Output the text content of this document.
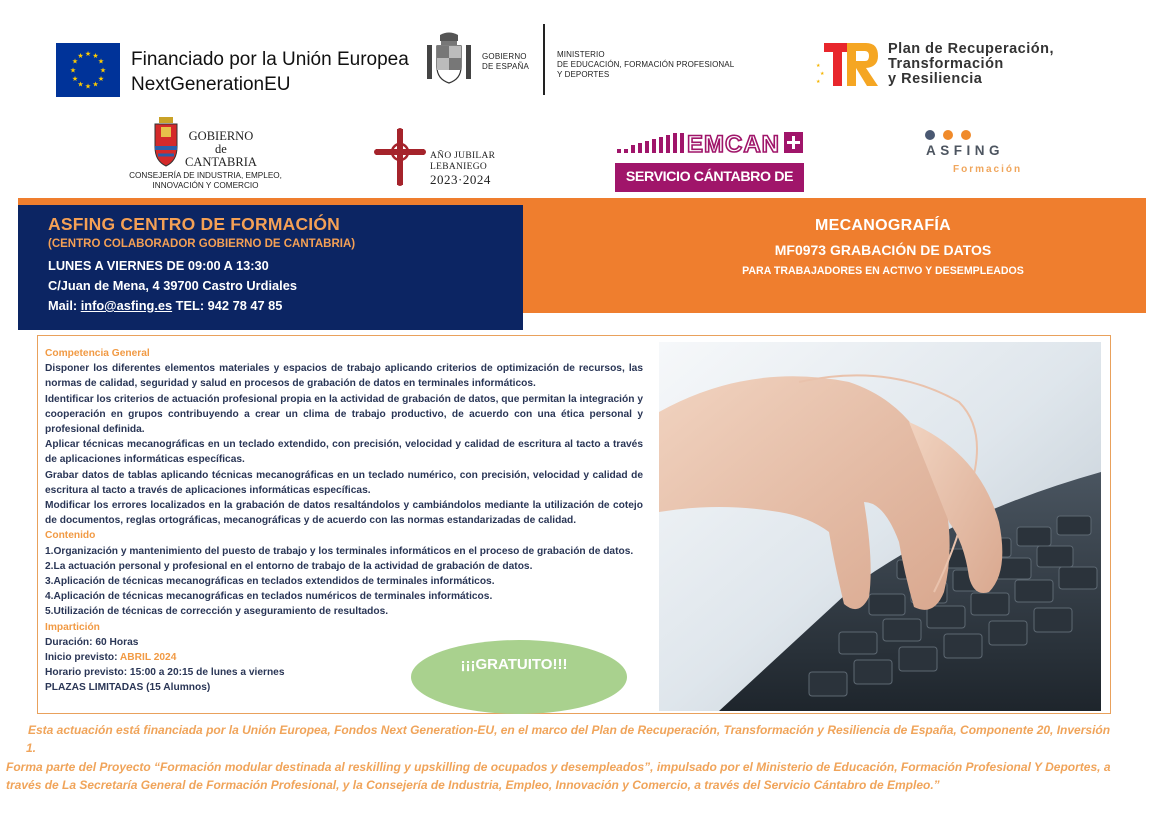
★ ★
★
★
★
★
★
★
★
★
★
★ Financiado por la Unión Europea
NextGenerationEU
GOBIERNO
DE ESPAÑA
MINISTERIO
DE EDUCACIÓN, FORMACIÓN PROFESIONAL
Y DEPORTES
★
★
★
Plan de Recuperación,
Transformación
y Resiliencia
GOBIERNO
de
CANTABRIA
CONSEJERÍA DE INDUSTRIA, EMPLEO,
INNOVACIÓN Y COMERCIO
AÑO JUBILAR
LEBANIEGO
2023·2024
EMCAN
SERVICIO CÁNTABRO DE
ASFING
Formación
ASFING CENTRO DE FORMACIÓN
(CENTRO COLABORADOR GOBIERNO DE CANTABRIA)
LUNES A VIERNES DE 09:00 A 13:30
C/Juan de Mena, 4 39700 Castro Urdiales
Mail: info@asfing.es TEL: 942 78 47 85
MECANOGRAFÍA
MF0973 GRABACIÓN DE DATOS
PARA TRABAJADORES EN ACTIVO Y DESEMPLEADOS
Competencia General
Disponer los diferentes elementos materiales y espacios de trabajo aplicando criterios de optimización de recursos, las normas de calidad, seguridad y salud en procesos de grabación de datos en terminales informáticos.
Identificar los criterios de actuación profesional propia en la actividad de grabación de datos, que permitan la integración y cooperación en grupos contribuyendo a crear un clima de trabajo productivo, de acuerdo con una ética personal y profesional definida.
Aplicar técnicas mecanográficas en un teclado extendido, con precisión, velocidad y calidad de escritura al tacto a través de aplicaciones informáticas específicas.
Grabar datos de tablas aplicando técnicas mecanográficas en un teclado numérico, con precisión, velocidad y calidad de escritura al tacto a través de aplicaciones informáticas específicas.
Modificar los errores localizados en la grabación de datos resaltándolos y cambiándolos mediante la utilización de cotejo de documentos, reglas ortográficas, mecanográficas y de acuerdo con las normas estandarizadas de calidad.
Contenido
1.Organización y mantenimiento del puesto de trabajo y los terminales informáticos en el proceso de grabación de datos.
2.La actuación personal y profesional en el entorno de trabajo de la actividad de grabación de datos.
3.Aplicación de técnicas mecanográficas en teclados extendidos de terminales informáticos.
4.Aplicación de técnicas mecanográficas en teclados numéricos de terminales informáticos.
5.Utilización de técnicas de corrección y aseguramiento de resultados.
Impartición
Duración: 60 Horas
Inicio previsto: ABRIL 2024
Horario previsto: 15:00 a 20:15 de lunes a viernes
PLAZAS LIMITADAS (15 Alumnos)
¡¡¡GRATUITO!!!
Esta actuación está financiada por la Unión Europea, Fondos Next Generation-EU, en el marco del Plan de Recuperación, Transformación y Resiliencia de España, Componente 20, Inversión 1.
Forma parte del Proyecto “Formación modular destinada al reskilling y upskilling de ocupados y desempleados”, impulsado por el Ministerio de Educación, Formación Profesional Y Deportes, a través de La Secretaría General de Formación Profesional, y la Consejería de Industria, Empleo, Innovación y Comercio, a través del Servicio Cántabro de Empleo.”
